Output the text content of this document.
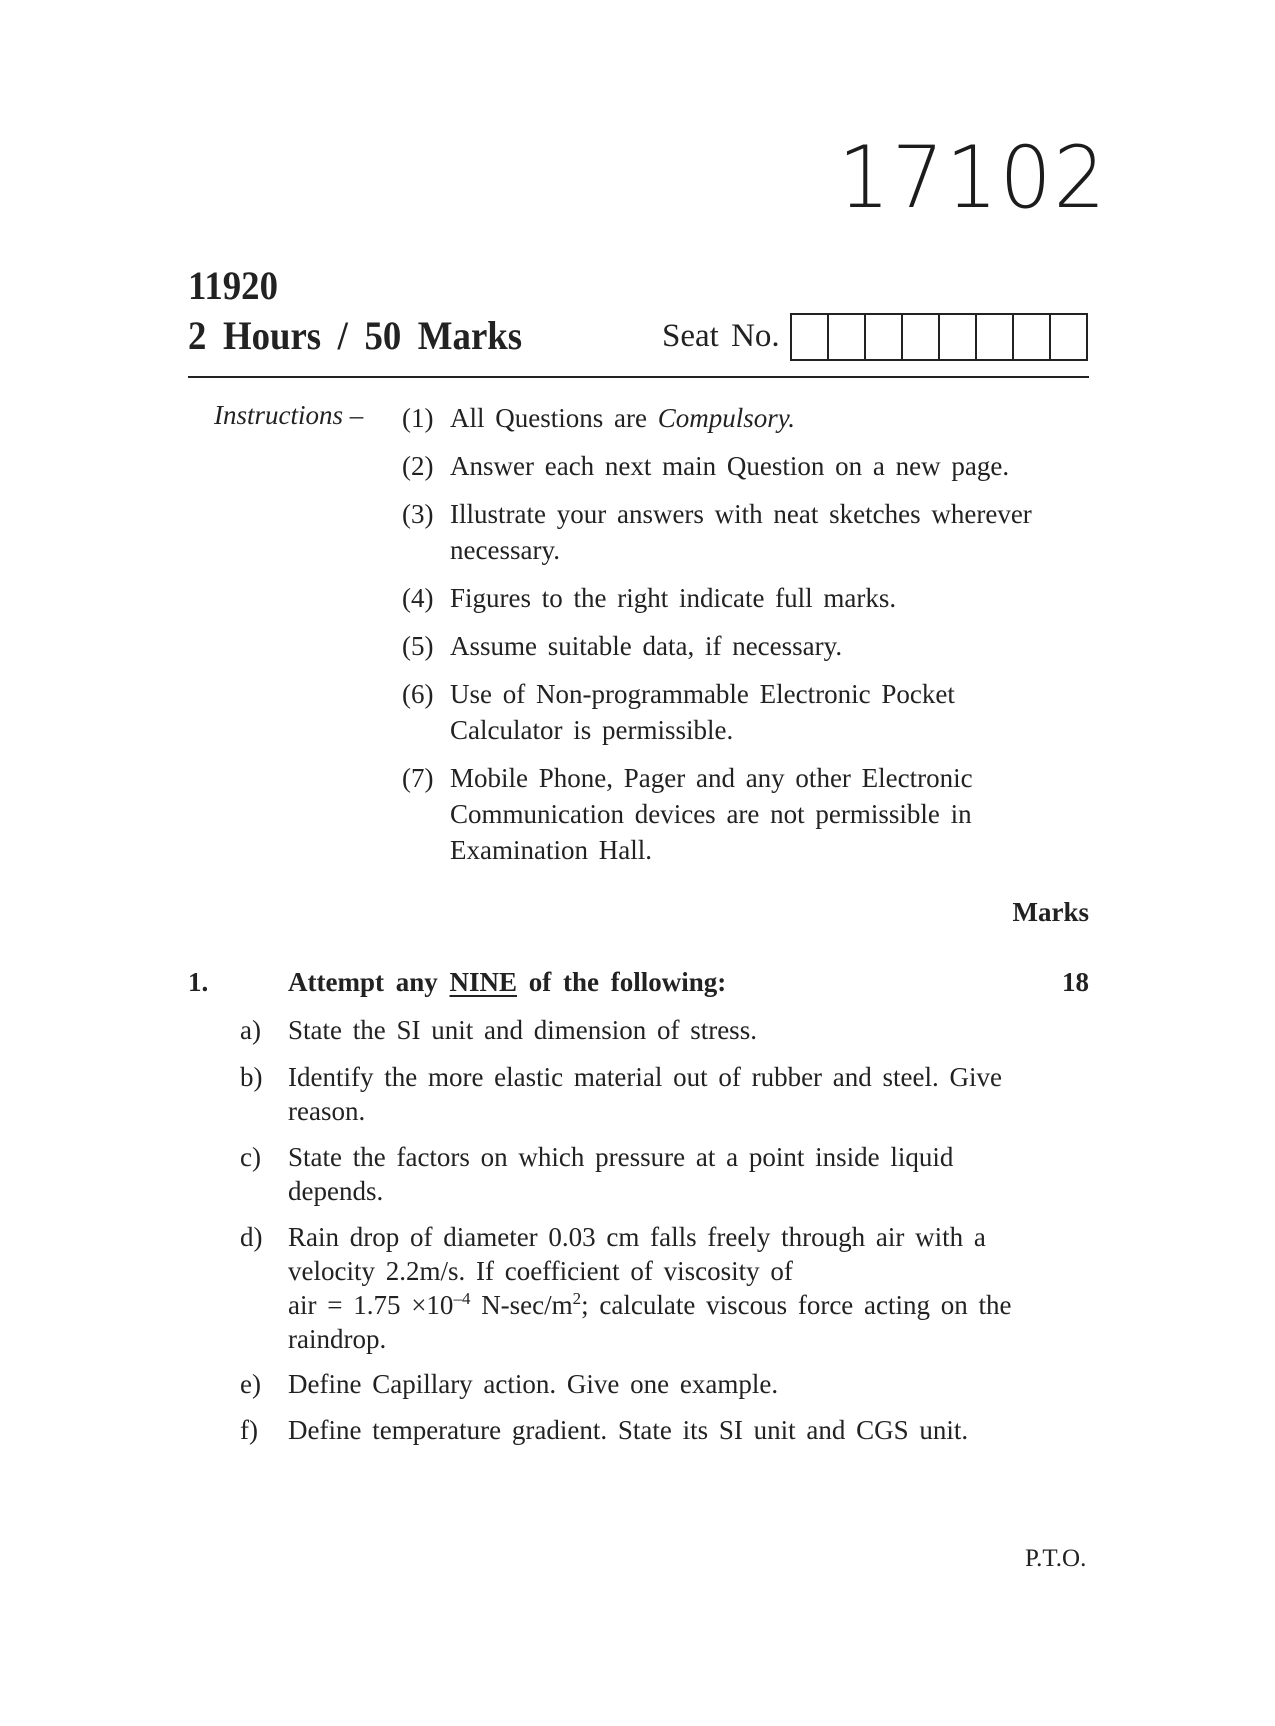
17102
11920
2 Hours / 50 Marks	Seat No.
Instructions – (1) All Questions are Compulsory.
(2) Answer each next main Question on a new page.
(3) Illustrate your answers with neat sketches wherever necessary.
(4) Figures to the right indicate full marks.
(5) Assume suitable data, if necessary.
(6) Use of Non-programmable Electronic Pocket Calculator is permissible.
(7) Mobile Phone, Pager and any other Electronic Communication devices are not permissible in Examination Hall.
Marks
1.	Attempt any NINE of the following:	18
a) State the SI unit and dimension of stress.
b) Identify the more elastic material out of rubber and steel. Give reason.
c) State the factors on which pressure at a point inside liquid depends.
d) Rain drop of diameter 0.03 cm falls freely through air with a velocity 2.2m/s. If coefficient of viscosity of
air = $1.75 \times 10^{-4}$ $N-\sec/m^2$; calculate viscous force acting on the raindrop.
e) Define Capillary action. Give one example.
f) Define temperature gradient. State its SI unit and CGS unit.
P.T.O.
